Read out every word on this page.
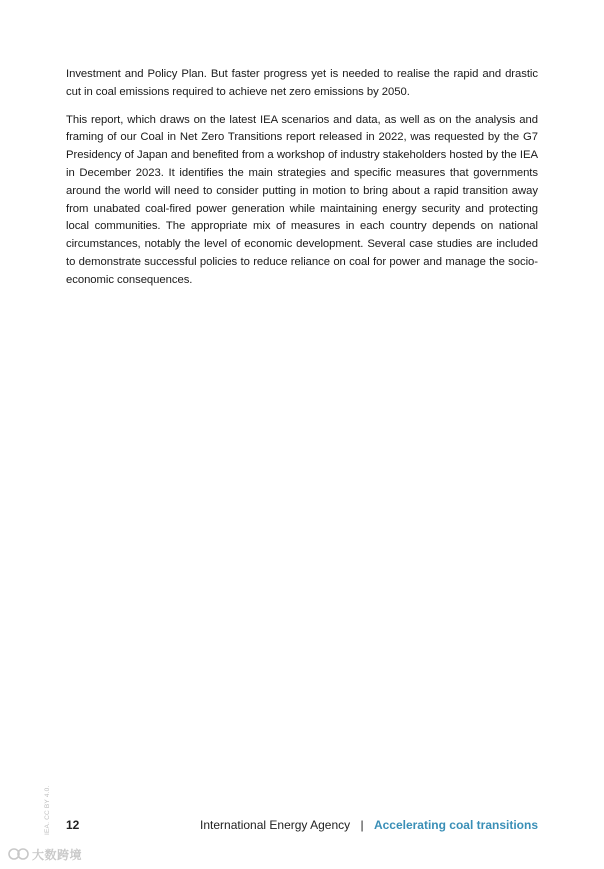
Investment and Policy Plan. But faster progress yet is needed to realise the rapid and drastic cut in coal emissions required to achieve net zero emissions by 2050.

This report, which draws on the latest IEA scenarios and data, as well as on the analysis and framing of our Coal in Net Zero Transitions report released in 2022, was requested by the G7 Presidency of Japan and benefited from a workshop of industry stakeholders hosted by the IEA in December 2023. It identifies the main strategies and specific measures that governments around the world will need to consider putting in motion to bring about a rapid transition away from unabated coal-fired power generation while maintaining energy security and protecting local communities. The appropriate mix of measures in each country depends on national circumstances, notably the level of economic development. Several case studies are included to demonstrate successful policies to reduce reliance on coal for power and manage the socio-economic consequences.

IEA. CC BY 4.0. 12	International Energy Agency | Accelerating coal transitions
大数跨境
